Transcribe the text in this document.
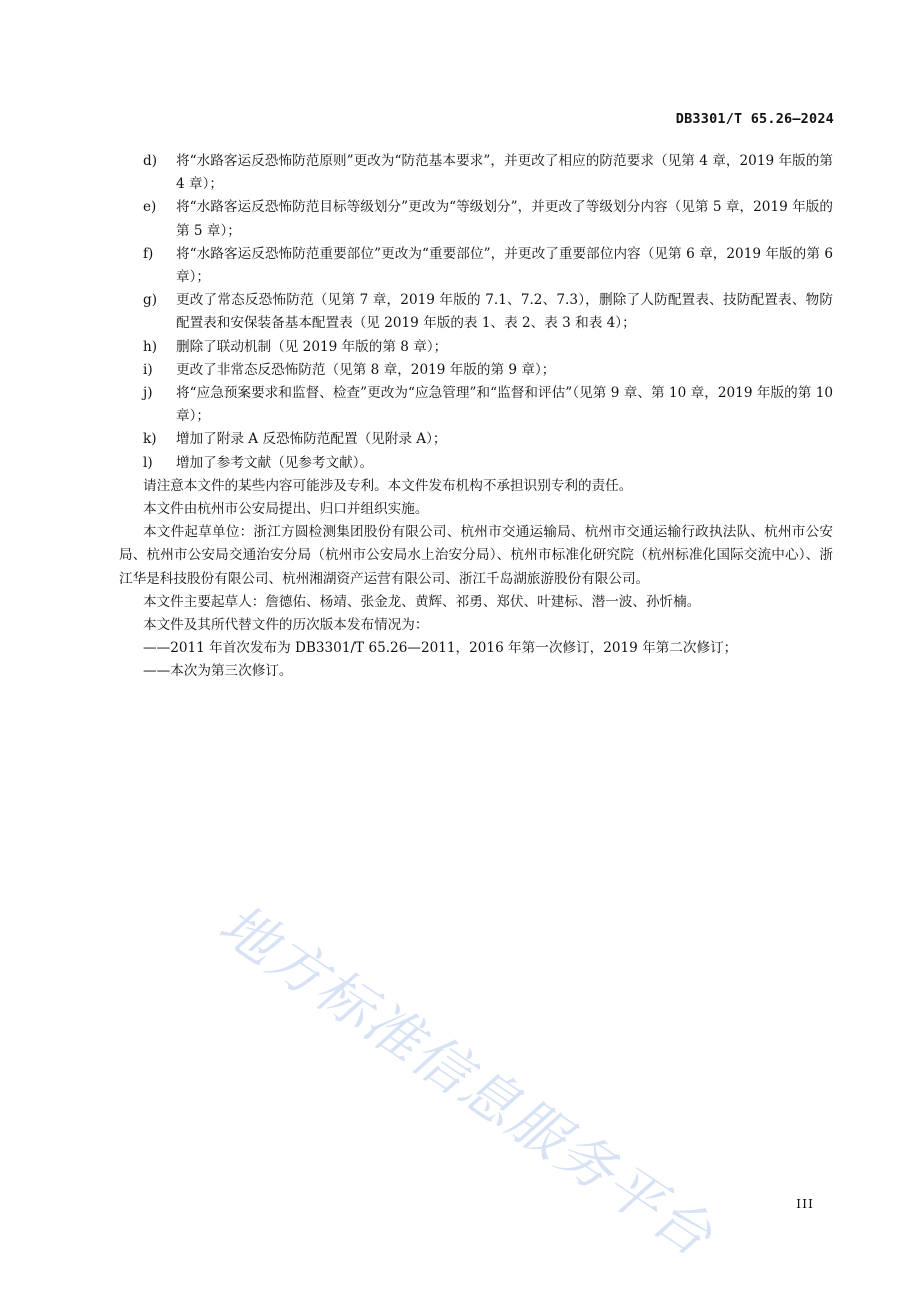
DB3301/T 65.26—2024
d)	将“水路客运反恐怖防范原则”更改为“防范基本要求”，并更改了相应的防范要求（见第 4 章，2019 年版的第 4 章）；
e)	将“水路客运反恐怖防范目标等级划分”更改为“等级划分”，并更改了等级划分内容（见第 5 章，2019 年版的第 5 章）；
f)	将“水路客运反恐怖防范重要部位”更改为“重要部位”，并更改了重要部位内容（见第 6 章，2019 年版的第 6 章）；
g)	更改了常态反恐怖防范（见第 7 章，2019 年版的 7.1、7.2、7.3），删除了人防配置表、技防配置表、物防配置表和安保装备基本配置表（见 2019 年版的表 1、表 2、表 3 和表 4）；
h)	删除了联动机制（见 2019 年版的第 8 章）；
i)	更改了非常态反恐怖防范（见第 8 章，2019 年版的第 9 章）；
j)	将“应急预案要求和监督、检查”更改为“应急管理”和“监督和评估”（见第 9 章、第 10 章，2019 年版的第 10 章）；
k)	增加了附录 A 反恐怖防范配置（见附录 A）；
l)	增加了参考文献（见参考文献）。
请注意本文件的某些内容可能涉及专利。本文件发布机构不承担识别专利的责任。
本文件由杭州市公安局提出、归口并组织实施。
本文件起草单位：浙江方圆检测集团股份有限公司、杭州市交通运输局、杭州市交通运输行政执法队、杭州市公安局、杭州市公安局交通治安分局（杭州市公安局水上治安分局）、杭州市标准化研究院（杭州标准化国际交流中心）、浙江华是科技股份有限公司、杭州湘湖资产运营有限公司、浙江千岛湖旅游股份有限公司。
本文件主要起草人：詹德佑、杨靖、张金龙、黄辉、祁勇、郑伏、叶建标、潜一波、孙忻楠。
本文件及其所代替文件的历次版本发布情况为：
——2011 年首次发布为 DB3301/T 65.26—2011，2016 年第一次修订，2019 年第二次修订；
——本次为第三次修订。
地方标准信息服务平台	III
